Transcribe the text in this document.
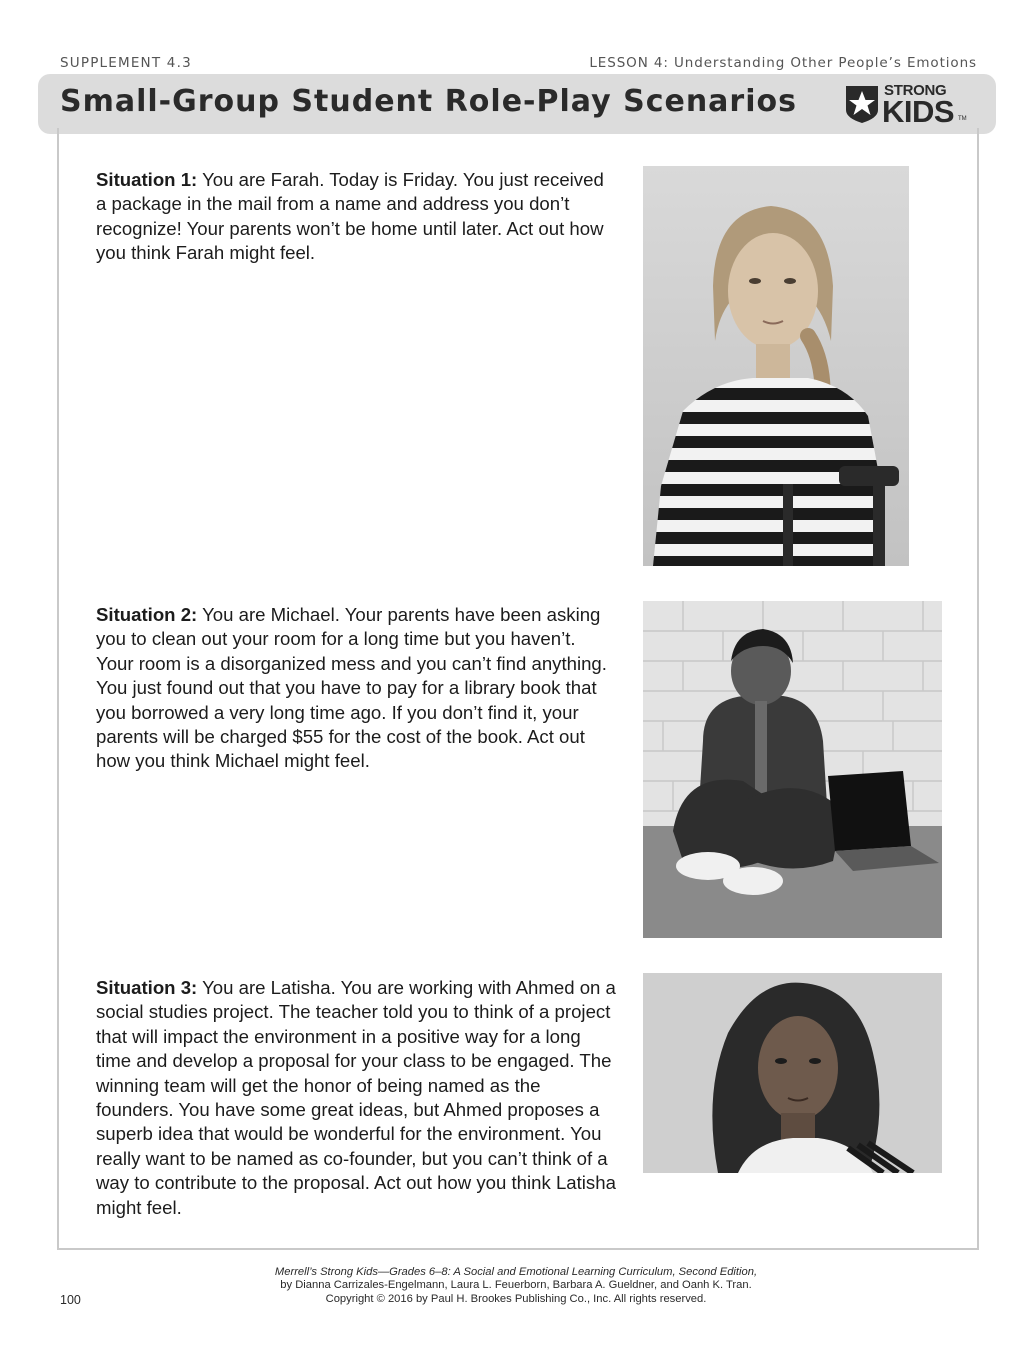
SUPPLEMENT 4.3	LESSON 4: Understanding Other People’s Emotions
Small-Group Student Role-Play Scenarios	STRONG
KIDS TM
Situation 1: You are Farah. Today is Friday. You just received a package in the mail from a name and address you don’t recognize! Your parents won’t be home until later. Act out how you think Farah might feel.
Situation 2: You are Michael. Your parents have been asking you to clean out your room for a long time but you haven’t. Your room is a disorganized mess and you can’t find anything. You just found out that you have to pay for a library book that you borrowed a very long time ago. If you don’t find it, your parents will be charged $55 for the cost of the book. Act out how you think Michael might feel.
Situation 3: You are Latisha. You are working with Ahmed on a social studies project. The teacher told you to think of a project that will impact the environment in a positive way for a long time and develop a proposal for your class to be engaged. The winning team will get the honor of being named as the founders. You have some great ideas, but Ahmed proposes a superb idea that would be wonderful for the environment. You really want to be named as co-founder, but you can’t think of a way to contribute to the proposal. Act out how you think Latisha might feel.
Merrell’s Strong Kids—Grades 6–8: A Social and Emotional Learning Curriculum, Second Edition,
by Dianna Carrizales-Engelmann, Laura L. Feuerborn, Barbara A. Gueldner, and Oanh K. Tran.
Copyright © 2016 by Paul H. Brookes Publishing Co., Inc. All rights reserved.
100
